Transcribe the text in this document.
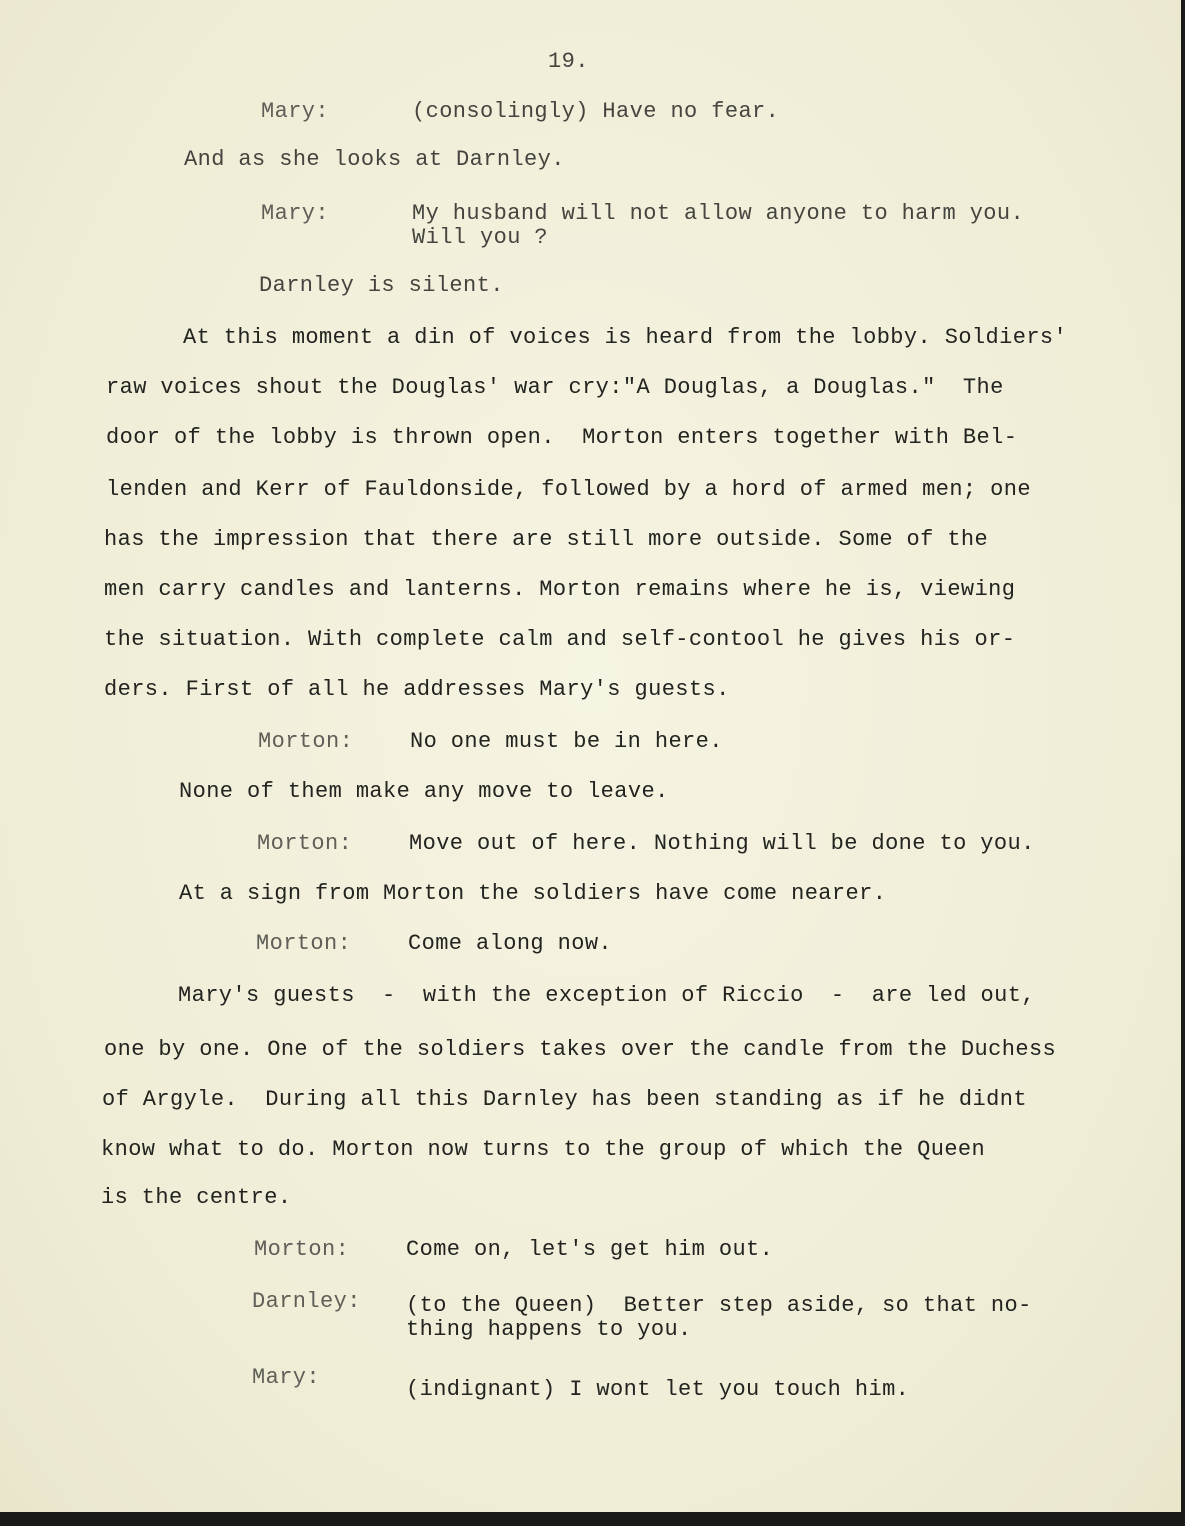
19.
Mary:	(consolingly) Have no fear.
And as she looks at Darnley.
Mary:	My husband will not allow anyone to harm you.
Will you ?
Darnley is silent.
At this moment a din of voices is heard from the lobby. Soldiers'
raw voices shout the Douglas' war cry:"A Douglas, a Douglas."  The
door of the lobby is thrown open.  Morton enters together with Bel-
lenden and Kerr of Fauldonside, followed by a hord of armed men; one
has the impression that there are still more outside. Some of the
men carry candles and lanterns. Morton remains where he is, viewing
the situation. With complete calm and self-contool he gives his or-
ders. First of all he addresses Mary's guests.
Morton:	No one must be in here.
None of them make any move to leave.
Morton:	Move out of here. Nothing will be done to you.
At a sign from Morton the soldiers have come nearer.
Morton:	Come along now.
Mary's guests  -  with the exception of Riccio  -  are led out,
one by one. One of the soldiers takes over the candle from the Duchess
of Argyle.  During all this Darnley has been standing as if he didnt
know what to do. Morton now turns to the group of which the Queen
is the centre.
Morton:	Come on, let's get him out.
Darnley: (to the Queen)  Better step aside, so that no-
thing happens to you.
Mary:	(indignant) I wont let you touch him.
